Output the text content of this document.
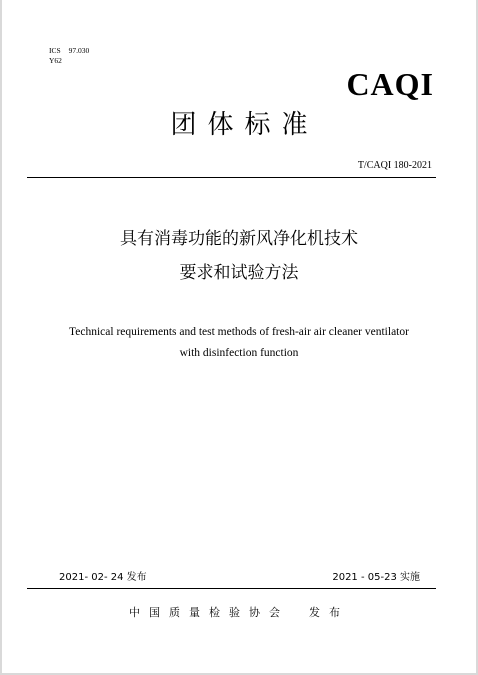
ICS 97.030
Y62
CAQI
团体标准
T/CAQI 180-2021
具有消毒功能的新风净化机技术
要求和试验方法
Technical requirements and test methods of fresh-air air cleaner ventilator
with disinfection function
2021- 02- 24 发布	2021 - 05-23 实施
中国质量检验协会 发布
